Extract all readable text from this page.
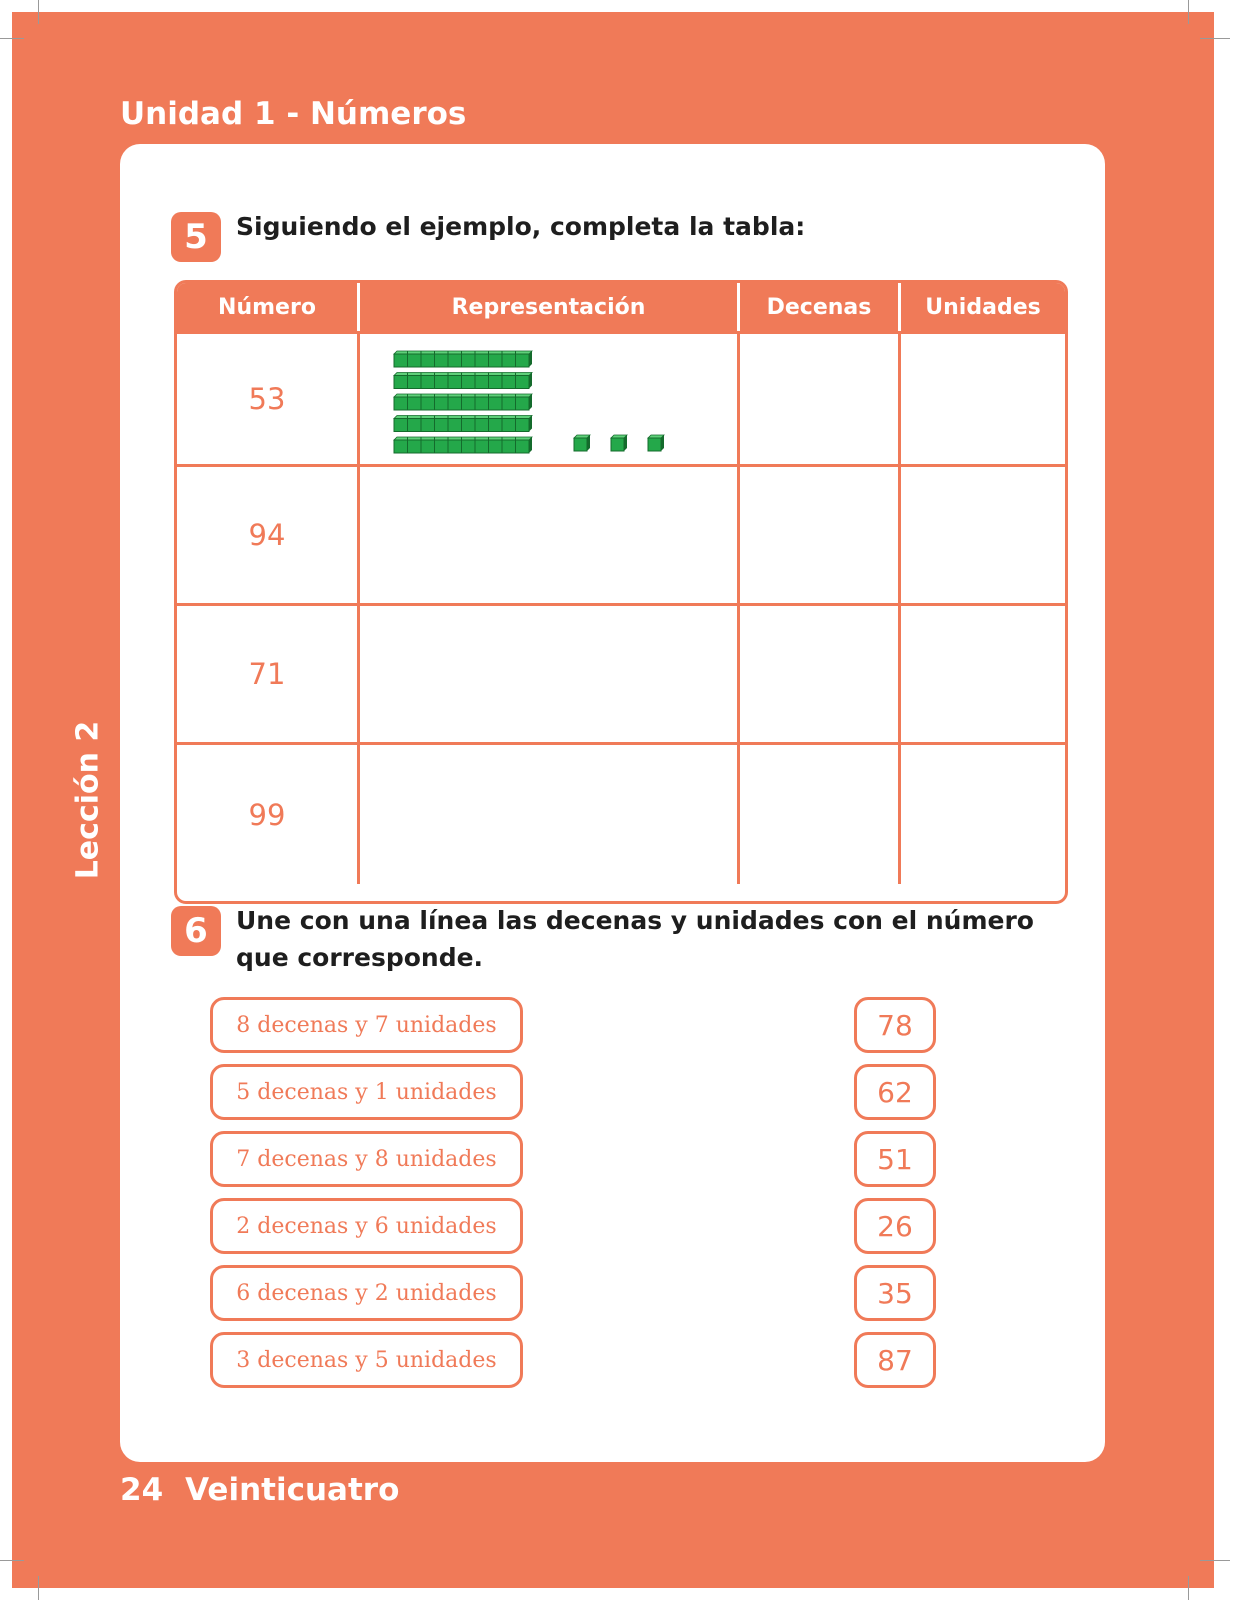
Unidad 1 - Números
Lección 2
24 Veinticuatro
5	Siguiendo el ejemplo, completa la tabla:
Número	Representación	Decenas	Unidades
53
94
71
99
6	Une con una línea las decenas y unidades con el número
que corresponde.
8 decenas y 7 unidades
5 decenas y 1 unidades
7 decenas y 8 unidades
2 decenas y 6 unidades
6 decenas y 2 unidades
3 decenas y 5 unidades
78
62
51
26
35
87
